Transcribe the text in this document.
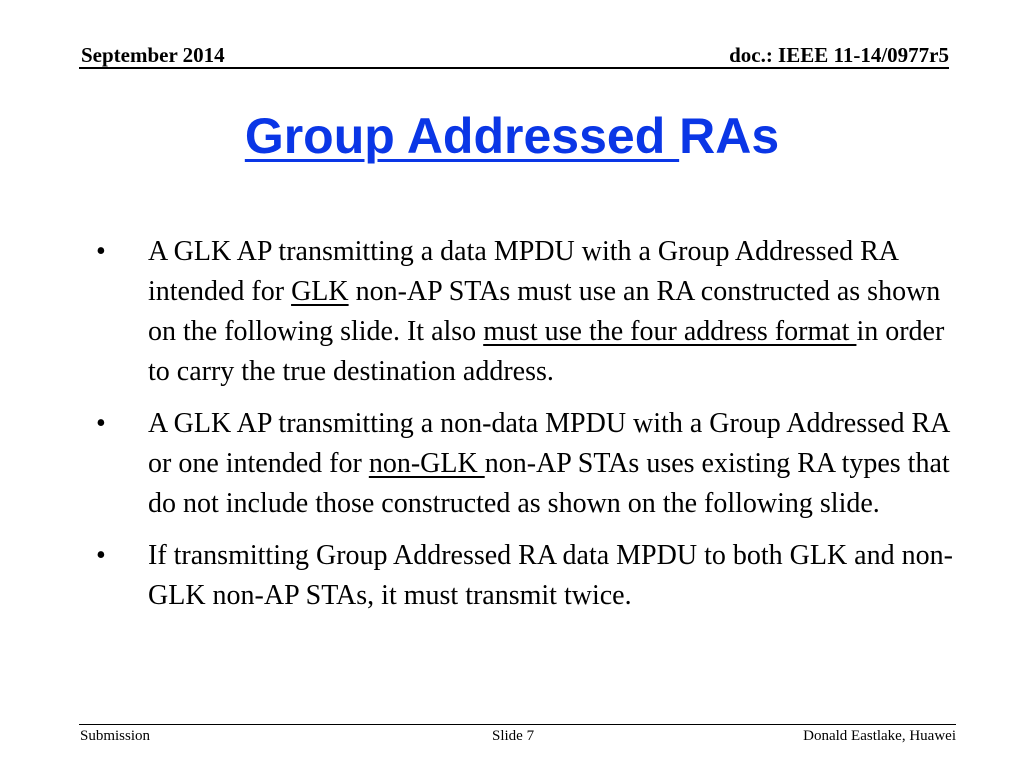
September 2014	doc.: IEEE 11-14/0977r5
Group Addressed RAs
• A GLK AP transmitting a data MPDU with a Group Addressed RA intended for GLK non-AP STAs must use an RA constructed as shown on the following slide. It also must use the four address format in order to carry the true destination address.
• A GLK AP transmitting a non-data MPDU with a Group Addressed RA or one intended for non-GLK non-AP STAs uses existing RA types that do not include those constructed as shown on the following slide.
• If transmitting Group Addressed RA data MPDU to both GLK and non-GLK non-AP STAs, it must transmit twice.
Submission	Slide 7	Donald Eastlake, Huawei
